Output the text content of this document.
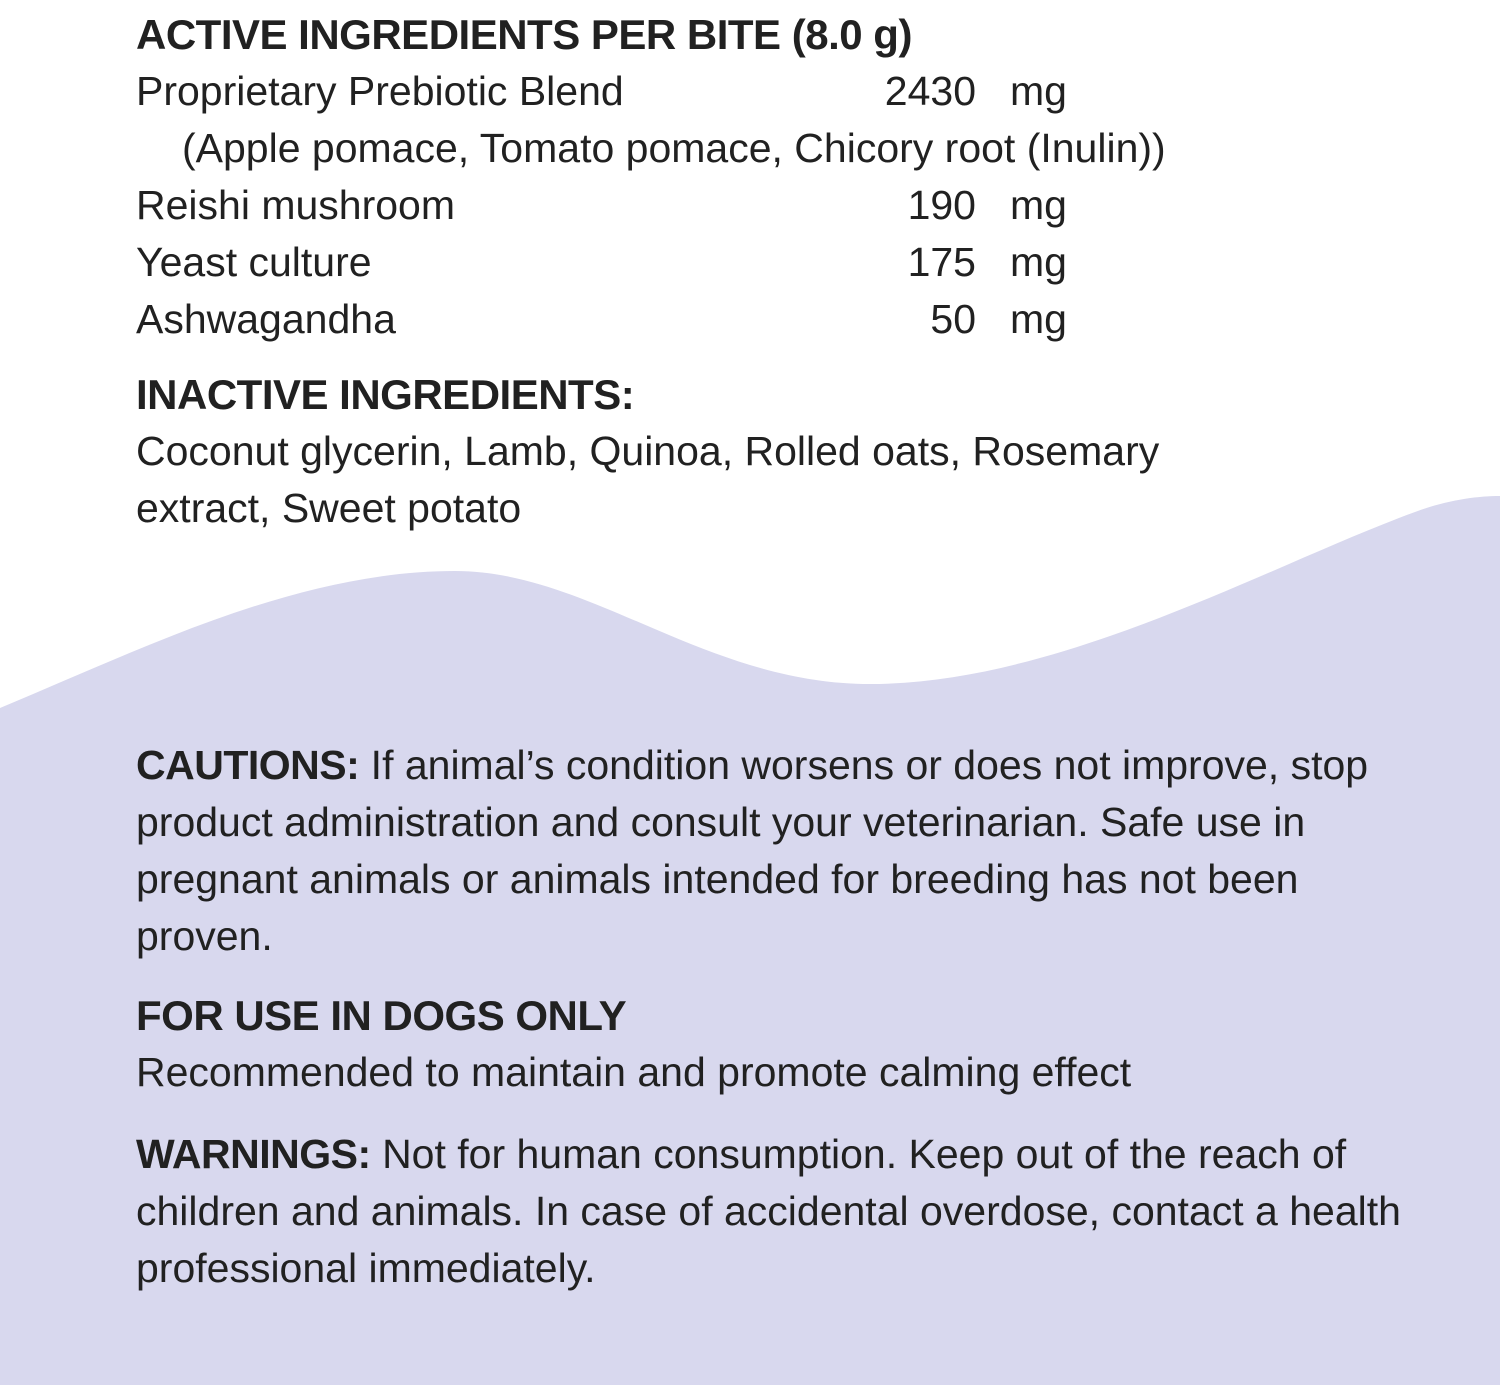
ACTIVE INGREDIENTS PER BITE (8.0 g)
Proprietary Prebiotic Blend	2430 mg
(Apple pomace, Tomato pomace, Chicory root (Inulin))
Reishi mushroom	190 mg
Yeast culture	175 mg
Ashwagandha	50 mg
INACTIVE INGREDIENTS:

Coconut glycerin, Lamb, Quinoa, Rolled oats, Rosemary extract, Sweet potato

CAUTIONS: If animal’s condition worsens or does not improve, stop product administration and consult your veterinarian. Safe use in pregnant animals or animals intended for breeding has not been proven.

FOR USE IN DOGS ONLY

Recommended to maintain and promote calming effect

WARNINGS: Not for human consumption. Keep out of the reach of children and animals. In case of accidental overdose, contact a health professional immediately.
